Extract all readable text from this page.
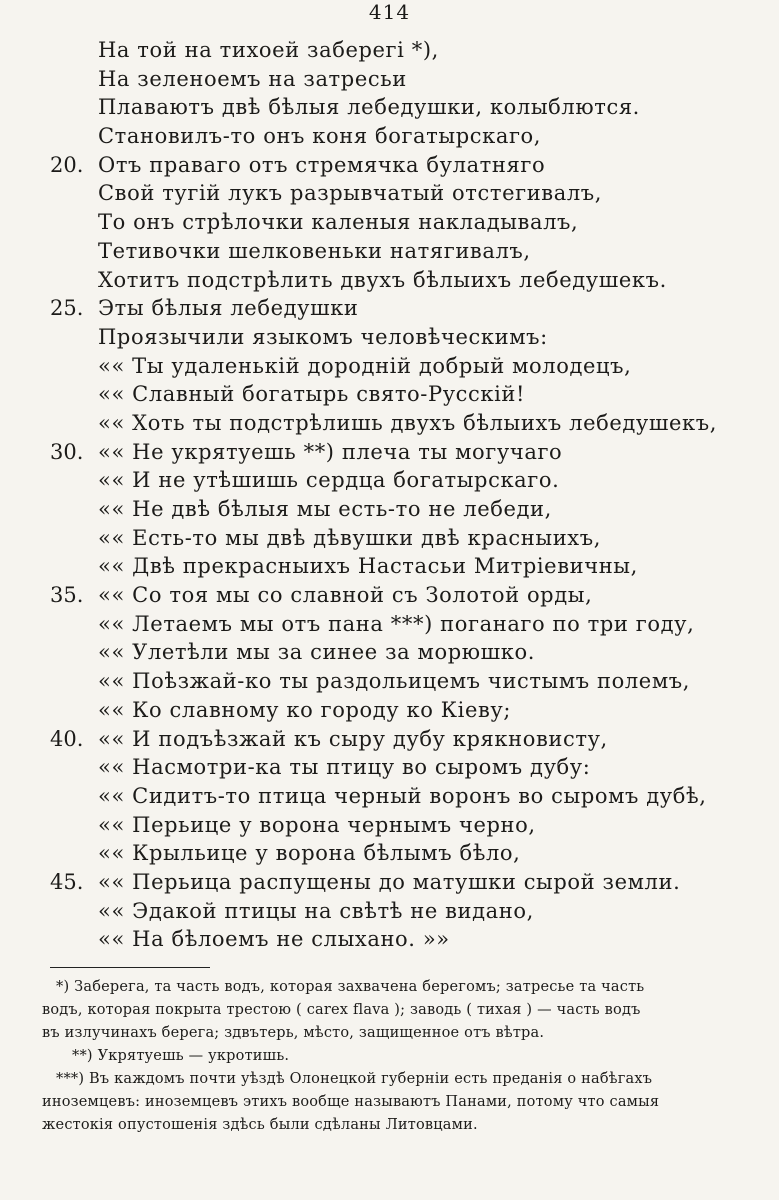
414
На той на тихоей заберегi *),
На зеленоемъ на затресьи
Плаваютъ двѣ бѣлыя лебедушки, колыблются.
Становилъ-то онъ коня богатырскаго,
20. Отъ праваго отъ стремячка булатняго
Свой тугiй лукъ разрывчатый отстегивалъ,
То онъ стрѣлочки каленыя накладывалъ,
Тетивочки шелковеньки натягивалъ,
Хотитъ подстрѣлить двухъ бѣлыихъ лебедушекъ.
25. Эты бѣлыя лебедушки
Проязычили языкомъ человѣческимъ:
«« Ты удаленькiй дороднiй добрый молодецъ,
«« Славный богатырь свято-Русскiй!
«« Хоть ты подстрѣлишь двухъ бѣлыихъ лебедушекъ,
30. «« Не укрятуешь **) плеча ты могучаго
«« И не утѣшишь сердца богатырскаго.
«« Не двѣ бѣлыя мы есть-то не лебеди,
«« Есть-то мы двѣ дѣвушки двѣ красныихъ,
«« Двѣ прекрасныихъ Настасьи Митрiевичны,
35. «« Со тоя мы со славной съ Золотой орды,
«« Летаемъ мы отъ пана ***) поганаго по три году,
«« Улетѣли мы за синее за морюшко.
«« Поѣзжай-ко ты раздольицемъ чистымъ полемъ,
«« Ко славному ко городу ко Кiеву;
40. «« И подъѣзжай къ сыру дубу крякновисту,
«« Насмотри-ка ты птицу во сыромъ дубу:
«« Сидитъ-то птица черный воронъ во сыромъ дубѣ,
«« Перьице у ворона чернымъ черно,
«« Крыльице у ворона бѣлымъ бѣло,
45. «« Перьица распущены до матушки сырой земли.
«« Эдакой птицы на свѣтѣ не видано,
«« На бѣлоемъ не слыхано. »»
*) Заберега, та часть водъ, которая захвачена берегомъ; затресье та часть
водъ, которая покрыта трестою ( carex flava ); заводь ( тихая ) — часть водъ
въ излучинахъ берега; здвътерь, мѣсто, защищенное отъ вѣтра.
**) Укрятуешь — укротишь.
***) Въ каждомъ почти уѣздѣ Олонецкой губернiи есть преданiя о набѣгахъ
иноземцевъ: иноземцевъ этихъ вообще называютъ Панами, потому что самыя
жестокiя опустошенiя здѣсь были сдѣланы Литовцами.
